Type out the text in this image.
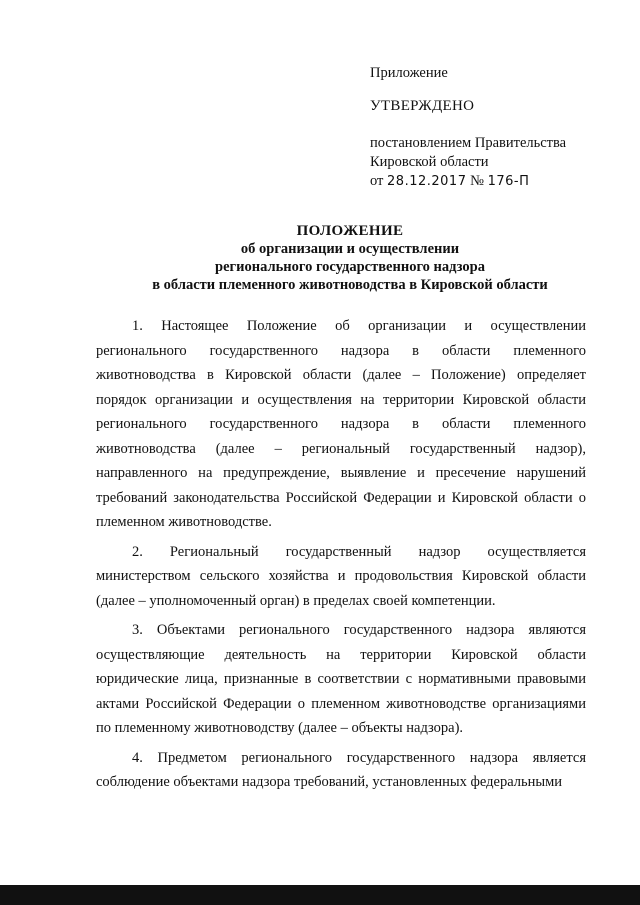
Приложение

УТВЕРЖДЕНО

постановлением Правительства

Кировской области

от 28.12.2017 № 176-П

ПОЛОЖЕНИЕ
об организации и осуществлении
регионального государственного надзора
в области племенного животноводства в Кировской области

1. Настоящее Положение об организации и осуществлении регионального государственного надзора в области племенного животноводства в Кировской области (далее – Положение) определяет порядок организации и осуществления на территории Кировской области регионального государственного надзора в области племенного животноводства (далее – региональный государственный надзор), направленного на предупреждение, выявление и пресечение нарушений требований законодательства Российской Федерации и Кировской области о племенном животноводстве.

2. Региональный государственный надзор осуществляется министерством сельского хозяйства и продовольствия Кировской области (далее – уполномоченный орган) в пределах своей компетенции.

3. Объектами регионального государственного надзора являются осуществляющие деятельность на территории Кировской области юридические лица, признанные в соответствии с нормативными правовыми актами Российской Федерации о племенном животноводстве организациями по племенному животноводству (далее – объекты надзора).

4. Предметом регионального государственного надзора является соблюдение объектами надзора требований, установленных федеральными
